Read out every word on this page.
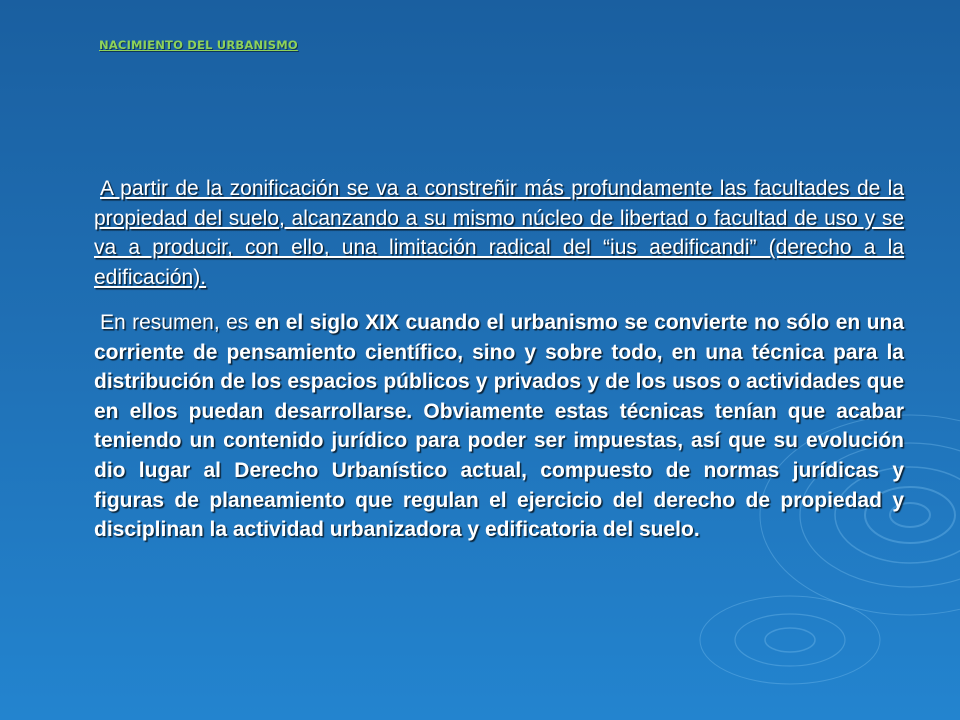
NACIMIENTO DEL URBANISMO

A partir de la zonificación se va a constreñir más profundamente las facultades de la propiedad del suelo, alcanzando a su mismo núcleo de libertad o facultad de uso y se va a producir, con ello, una limitación radical del “ius aedificandi” (derecho a la edificación).

En resumen, es en el siglo XIX cuando el urbanismo se convierte no sólo en una corriente de pensamiento científico, sino y sobre todo, en una técnica para la distribución de los espacios públicos y privados y de los usos o actividades que en ellos puedan desarrollarse. Obviamente estas técnicas tenían que acabar teniendo un contenido jurídico para poder ser impuestas, así que su evolución dio lugar al Derecho Urbanístico actual, compuesto de normas jurídicas y figuras de planeamiento que regulan el ejercicio del derecho de propiedad y disciplinan la actividad urbanizadora y edificatoria del suelo.
